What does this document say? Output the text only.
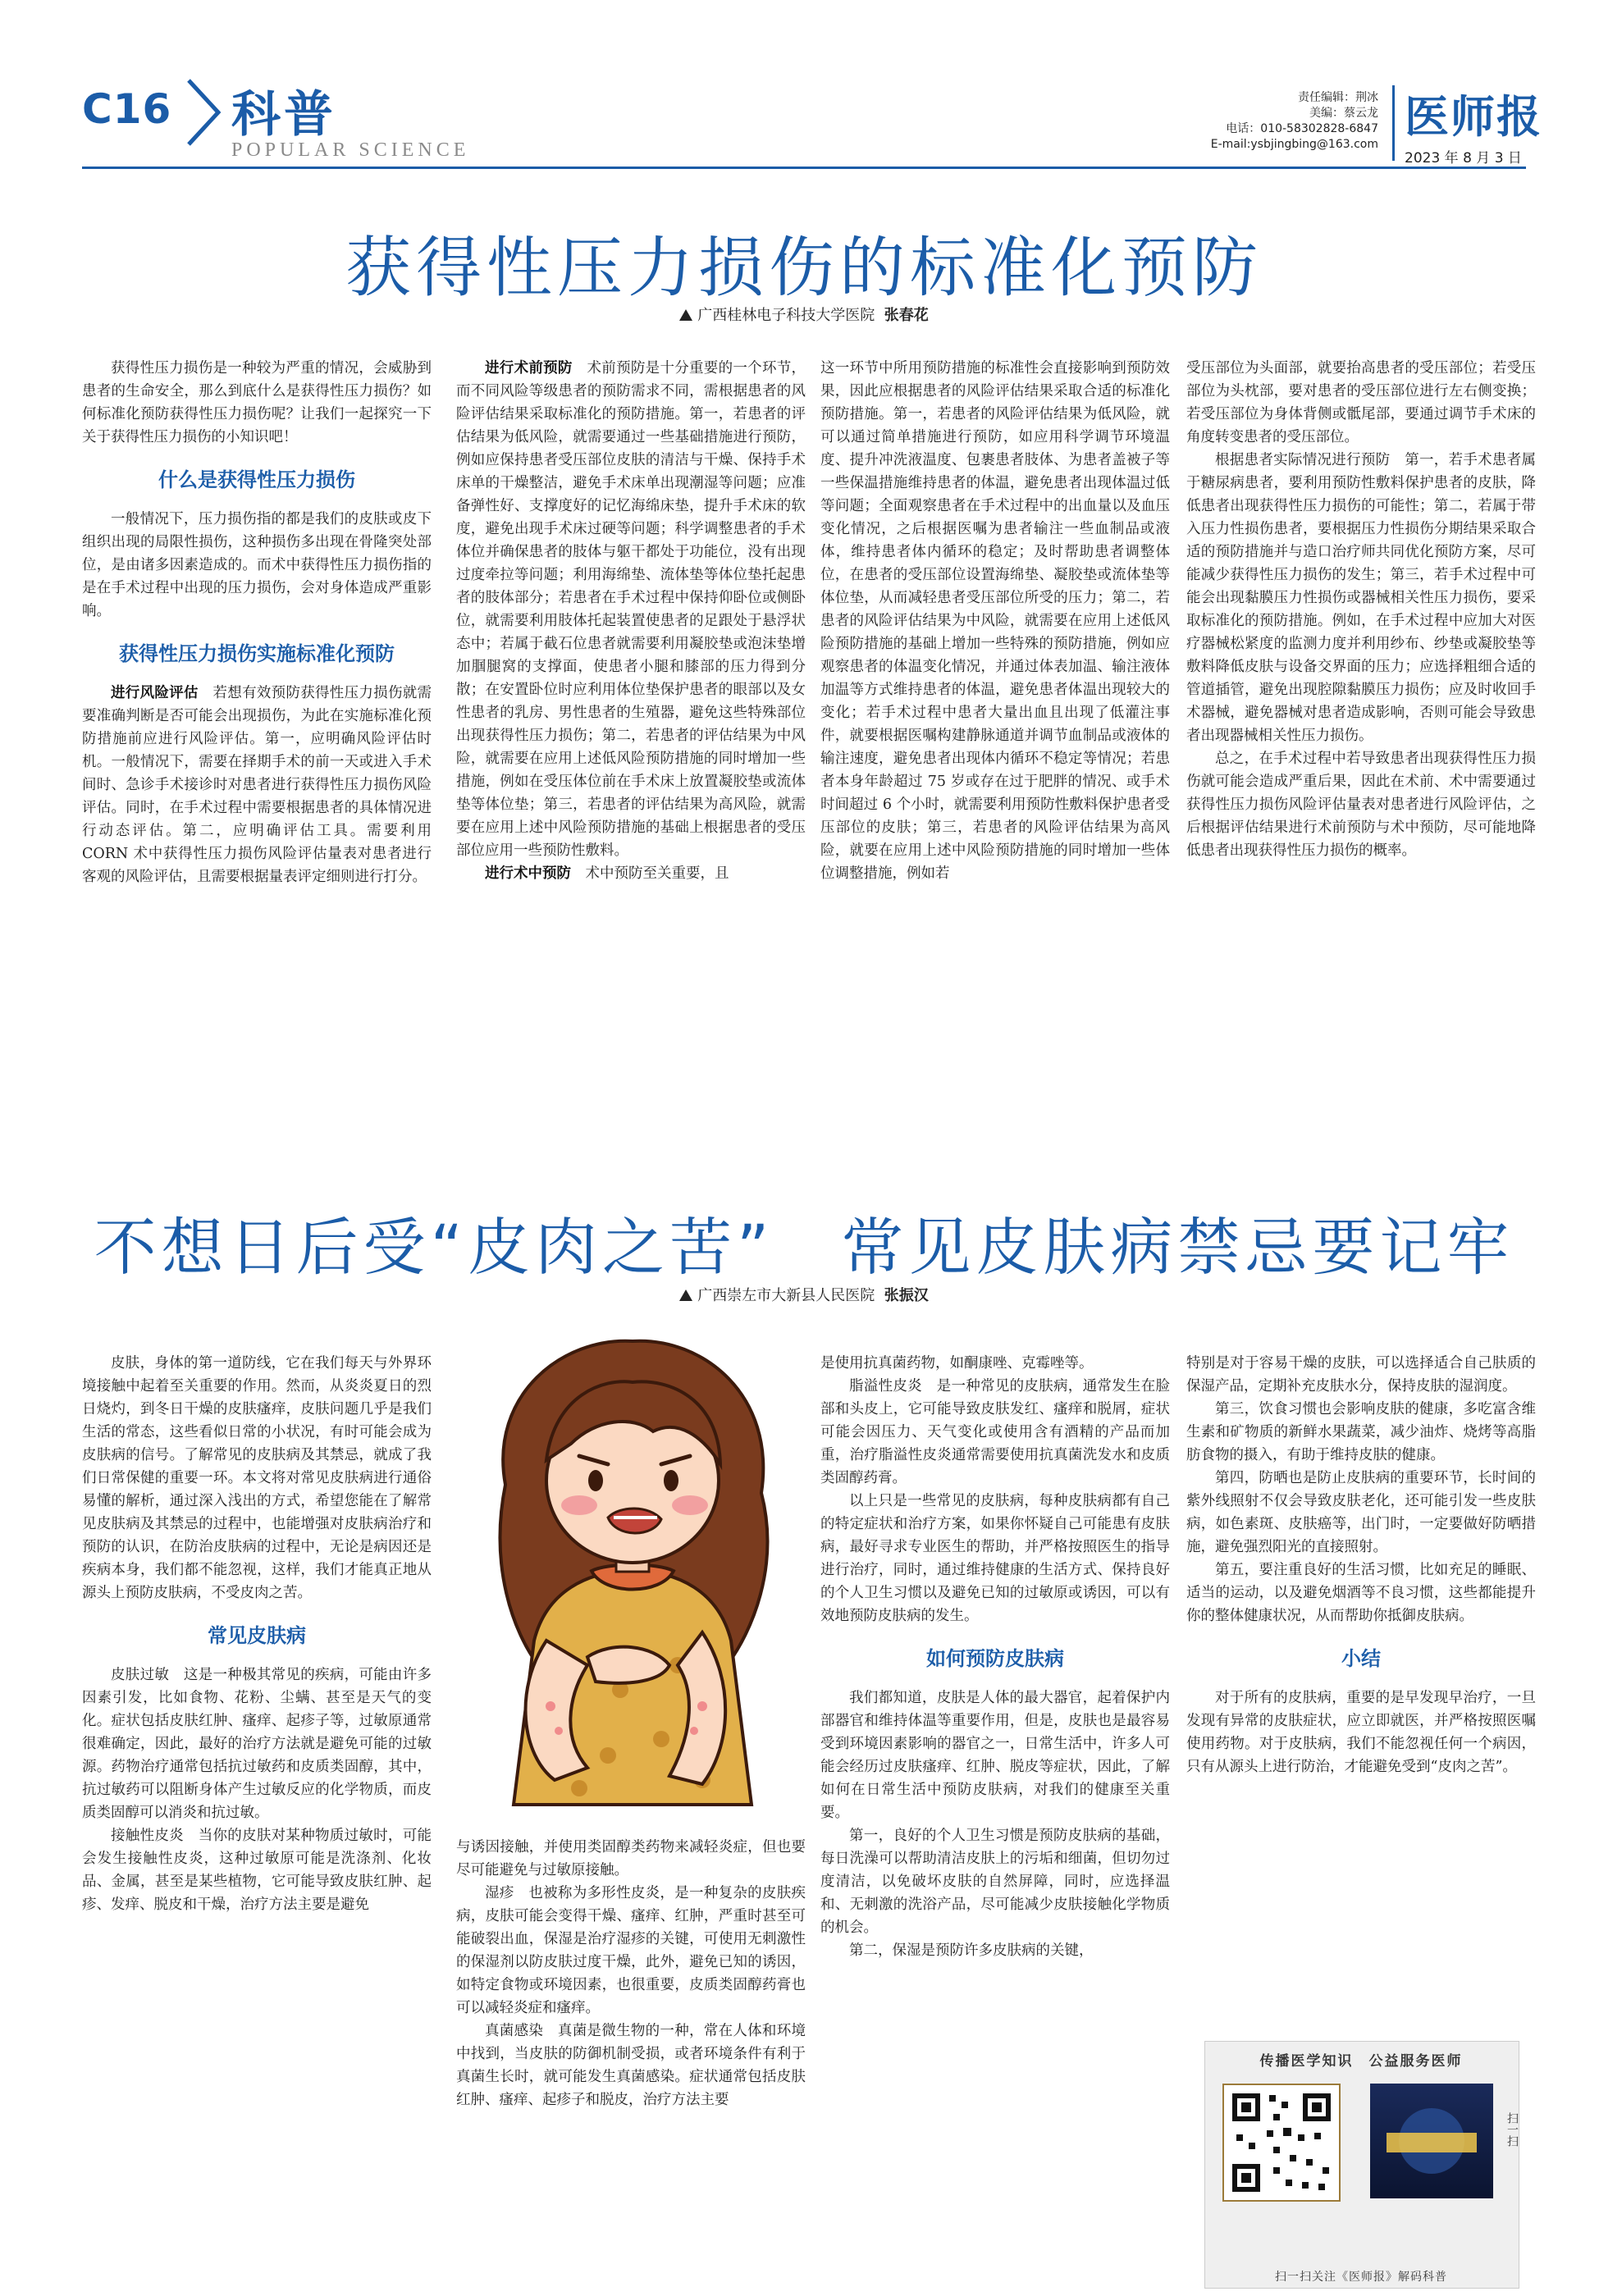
C16 科普
POPULAR SCIENCE
责任编辑：荆冰
美编：蔡云龙
电话：010-58302828-6847
E-mail:ysbjingbing@163.com
医师报
2023 年 8 月 3 日
获得性压力损伤的标准化预防
广西桂林电子科技大学医院 张春花

获得性压力损伤是一种较为严重的情况，会威胁到患者的生命安全，那么到底什么是获得性压力损伤？如何标准化预防获得性压力损伤呢？让我们一起探究一下关于获得性压力损伤的小知识吧！

什么是获得性压力损伤

一般情况下，压力损伤指的都是我们的皮肤或皮下组织出现的局限性损伤，这种损伤多出现在骨隆突处部位，是由诸多因素造成的。而术中获得性压力损伤指的是在手术过程中出现的压力损伤，会对身体造成严重影响。

获得性压力损伤实施标准化预防

进行风险评估　 若想有效预防获得性压力损伤就需要准确判断是否可能会出现损伤，为此在实施标准化预防措施前应进行风险评估。第一，应明确风险评估时机。一般情况下，需要在择期手术的前一天或进入手术间时、急诊手术接诊时对患者进行获得性压力损伤风险评估。同时，在手术过程中需要根据患者的具体情况进行动态评估。第二，应明确评估工具。需要利用 CORN 术中获得性压力损伤风险评估量表对患者进行客观的风险评估，且需要根据量表评定细则进行打分。

进行术前预防　 术前预防是十分重要的一个环节，而不同风险等级患者的预防需求不同，需根据患者的风险评估结果采取标准化的预防措施。第一，若患者的评估结果为低风险，就需要通过一些基础措施进行预防，例如应保持患者受压部位皮肤的清洁与干燥、保持手术床单的干燥整洁，避免手术床单出现潮湿等问题；应准备弹性好、支撑度好的记忆海绵床垫，提升手术床的软度，避免出现手术床过硬等问题；科学调整患者的手术体位并确保患者的肢体与躯干都处于功能位，没有出现过度牵拉等问题；利用海绵垫、流体垫等体位垫托起患者的肢体部分；若患者在手术过程中保持仰卧位或侧卧位，就需要利用肢体托起装置使患者的足跟处于悬浮状态中；若属于截石位患者就需要利用凝胶垫或泡沫垫增加腘腿窝的支撑面，使患者小腿和膝部的压力得到分散；在安置卧位时应利用体位垫保护患者的眼部以及女性患者的乳房、男性患者的生殖器，避免这些特殊部位出现获得性压力损伤；第二，若患者的评估结果为中风险，就需要在应用上述低风险预防措施的同时增加一些措施，例如在受压体位前在手术床上放置凝胶垫或流体垫等体位垫；第三，若患者的评估结果为高风险，就需要在应用上述中风险预防措施的基础上根据患者的受压部位应用一些预防性敷料。

进行术中预防　 术中预防至关重要，且

这一环节中所用预防措施的标准性会直接影响到预防效果，因此应根据患者的风险评估结果采取合适的标准化预防措施。第一，若患者的风险评估结果为低风险，就可以通过简单措施进行预防，如应用科学调节环境温度、提升冲洗液温度、包裹患者肢体、为患者盖被子等一些保温措施维持患者的体温，避免患者出现体温过低等问题；全面观察患者在手术过程中的出血量以及血压变化情况，之后根据医嘱为患者输注一些血制品或液体，维持患者体内循环的稳定；及时帮助患者调整体位，在患者的受压部位设置海绵垫、凝胶垫或流体垫等体位垫，从而减轻患者受压部位所受的压力；第二，若患者的风险评估结果为中风险，就需要在应用上述低风险预防措施的基础上增加一些特殊的预防措施，例如应观察患者的体温变化情况，并通过体表加温、输注液体加温等方式维持患者的体温，避免患者体温出现较大的变化；若手术过程中患者大量出血且出现了低灌注事件，就要根据医嘱构建静脉通道并调节血制品或液体的输注速度，避免患者出现体内循环不稳定等情况；若患者本身年龄超过 75 岁或存在过于肥胖的情况、或手术时间超过 6 个小时，就需要利用预防性敷料保护患者受压部位的皮肤；第三，若患者的风险评估结果为高风险，就要在应用上述中风险预防措施的同时增加一些体位调整措施，例如若

受压部位为头面部，就要抬高患者的受压部位；若受压部位为头枕部，要对患者的受压部位进行左右侧变换；若受压部位为身体背侧或骶尾部，要通过调节手术床的角度转变患者的受压部位。

根据患者实际情况进行预防　第一，若手术患者属于糖尿病患者，要利用预防性敷料保护患者的皮肤，降低患者出现获得性压力损伤的可能性；第二，若属于带入压力性损伤患者，要根据压力性损伤分期结果采取合适的预防措施并与造口治疗师共同优化预防方案，尽可能减少获得性压力损伤的发生；第三，若手术过程中可能会出现黏膜压力性损伤或器械相关性压力损伤，要采取标准化的预防措施。例如，在手术过程中应加大对医疗器械松紧度的监测力度并利用纱布、纱垫或凝胶垫等敷料降低皮肤与设备交界面的压力；应选择粗细合适的管道插管，避免出现腔隙黏膜压力损伤；应及时收回手术器械，避免器械对患者造成影响，否则可能会导致患者出现器械相关性压力损伤。

总之，在手术过程中若导致患者出现获得性压力损伤就可能会造成严重后果，因此在术前、术中需要通过获得性压力损伤风险评估量表对患者进行风险评估，之后根据评估结果进行术前预防与术中预防，尽可能地降低患者出现获得性压力损伤的概率。

不想日后受“皮肉之苦”　常见皮肤病禁忌要记牢
广西崇左市大新县人民医院 张振汉

皮肤，身体的第一道防线，它在我们每天与外界环境接触中起着至关重要的作用。然而，从炎炎夏日的烈日烧灼，到冬日干燥的皮肤瘙痒，皮肤问题几乎是我们生活的常态，这些看似日常的小状况，有时可能会成为皮肤病的信号。了解常见的皮肤病及其禁忌，就成了我们日常保健的重要一环。本文将对常见皮肤病进行通俗易懂的解析，通过深入浅出的方式，希望您能在了解常见皮肤病及其禁忌的过程中，也能增强对皮肤病治疗和预防的认识，在防治皮肤病的过程中，无论是病因还是疾病本身，我们都不能忽视，这样，我们才能真正地从源头上预防皮肤病，不受皮肉之苦。

常见皮肤病

皮肤过敏　这是一种极其常见的疾病，可能由许多因素引发，比如食物、花粉、尘螨、甚至是天气的变化。症状包括皮肤红肿、瘙痒、起疹子等，过敏原通常很难确定，因此，最好的治疗方法就是避免可能的过敏源。药物治疗通常包括抗过敏药和皮质类固醇，其中，抗过敏药可以阻断身体产生过敏反应的化学物质，而皮质类固醇可以消炎和抗过敏。

接触性皮炎　当你的皮肤对某种物质过敏时，可能会发生接触性皮炎，这种过敏原可能是洗涤剂、化妆品、金属，甚至是某些植物，它可能导致皮肤红肿、起疹、发痒、脱皮和干燥，治疗方法主要是避免

与诱因接触，并使用类固醇类药物来减轻炎症，但也要尽可能避免与过敏原接触。

湿疹　也被称为多形性皮炎，是一种复杂的皮肤疾病，皮肤可能会变得干燥、瘙痒、红肿，严重时甚至可能破裂出血，保湿是治疗湿疹的关键，可使用无刺激性的保湿剂以防皮肤过度干燥，此外，避免已知的诱因，如特定食物或环境因素，也很重要，皮质类固醇药膏也可以减轻炎症和瘙痒。

真菌感染　真菌是微生物的一种，常在人体和环境中找到，当皮肤的防御机制受损，或者环境条件有利于真菌生长时，就可能发生真菌感染。症状通常包括皮肤红肿、瘙痒、起疹子和脱皮，治疗方法主要

是使用抗真菌药物，如酮康唑、克霉唑等。

脂溢性皮炎　是一种常见的皮肤病，通常发生在脸部和头皮上，它可能导致皮肤发红、瘙痒和脱屑，症状可能会因压力、天气变化或使用含有酒精的产品而加重，治疗脂溢性皮炎通常需要使用抗真菌洗发水和皮质类固醇药膏。

以上只是一些常见的皮肤病，每种皮肤病都有自己的特定症状和治疗方案，如果你怀疑自己可能患有皮肤病，最好寻求专业医生的帮助，并严格按照医生的指导进行治疗，同时，通过维持健康的生活方式、保持良好的个人卫生习惯以及避免已知的过敏原或诱因，可以有效地预防皮肤病的发生。

如何预防皮肤病

我们都知道，皮肤是人体的最大器官，起着保护内部器官和维持体温等重要作用，但是，皮肤也是最容易受到环境因素影响的器官之一，日常生活中，许多人可能会经历过皮肤瘙痒、红肿、脱皮等症状，因此，了解如何在日常生活中预防皮肤病，对我们的健康至关重要。

第一，良好的个人卫生习惯是预防皮肤病的基础，每日洗澡可以帮助清洁皮肤上的污垢和细菌，但切勿过度清洁，以免破坏皮肤的自然屏障，同时，应选择温和、无刺激的洗浴产品，尽可能减少皮肤接触化学物质的机会。

第二，保湿是预防许多皮肤病的关键，

特别是对于容易干燥的皮肤，可以选择适合自己肤质的保湿产品，定期补充皮肤水分，保持皮肤的湿润度。

第三，饮食习惯也会影响皮肤的健康，多吃富含维生素和矿物质的新鲜水果蔬菜，减少油炸、烧烤等高脂肪食物的摄入，有助于维持皮肤的健康。

第四，防晒也是防止皮肤病的重要环节，长时间的紫外线照射不仅会导致皮肤老化，还可能引发一些皮肤病，如色素斑、皮肤癌等，出门时，一定要做好防晒措施，避免强烈阳光的直接照射。

第五，要注重良好的生活习惯，比如充足的睡眠、适当的运动，以及避免烟酒等不良习惯，这些都能提升你的整体健康状况，从而帮助你抵御皮肤病。

小结

对于所有的皮肤病，重要的是早发现早治疗，一旦发现有异常的皮肤症状，应立即就医，并严格按照医嘱使用药物。对于皮肤病，我们不能忽视任何一个病因，只有从源头上进行防治，才能避免受到“皮肉之苦”。

传播医学知识　公益服务医师
扫一扫
扫一扫关注《医师报》解码科普
